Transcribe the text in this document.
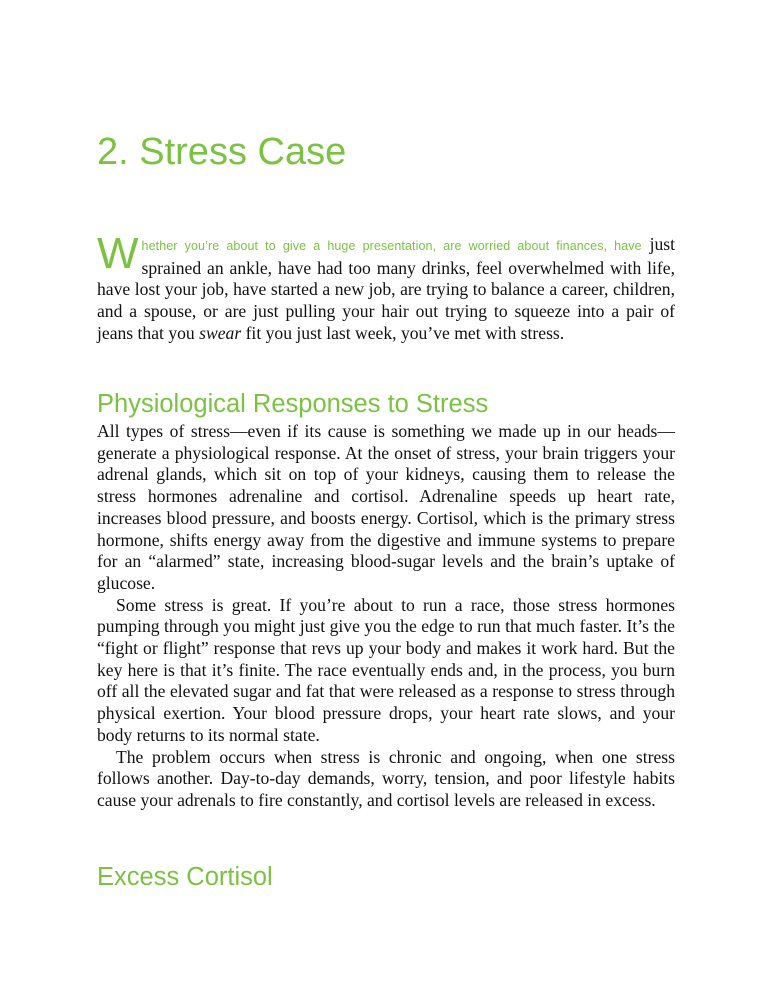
2. Stress Case

Whether you’re about to give a huge presentation, are worried about finances, have just sprained an ankle, have had too many drinks, feel overwhelmed with life, have lost your job, have started a new job, are trying to balance a career, children, and a spouse, or are just pulling your hair out trying to squeeze into a pair of jeans that you swear fit you just last week, you’ve met with stress.

Physiological Responses to Stress

All types of stress—even if its cause is something we made up in our heads—generate a physiological response. At the onset of stress, your brain triggers your adrenal glands, which sit on top of your kidneys, causing them to release the stress hormones adrenaline and cortisol. Adrenaline speeds up heart rate, increases blood pressure, and boosts energy. Cortisol, which is the primary stress hormone, shifts energy away from the digestive and immune systems to prepare for an “alarmed” state, increasing blood-sugar levels and the brain’s uptake of glucose.

Some stress is great. If you’re about to run a race, those stress hormones pumping through you might just give you the edge to run that much faster. It’s the “fight or flight” response that revs up your body and makes it work hard. But the key here is that it’s finite. The race eventually ends and, in the process, you burn off all the elevated sugar and fat that were released as a response to stress through physical exertion. Your blood pressure drops, your heart rate slows, and your body returns to its normal state.

The problem occurs when stress is chronic and ongoing, when one stress follows another. Day-to-day demands, worry, tension, and poor lifestyle habits cause your adrenals to fire constantly, and cortisol levels are released in excess.

Excess Cortisol
